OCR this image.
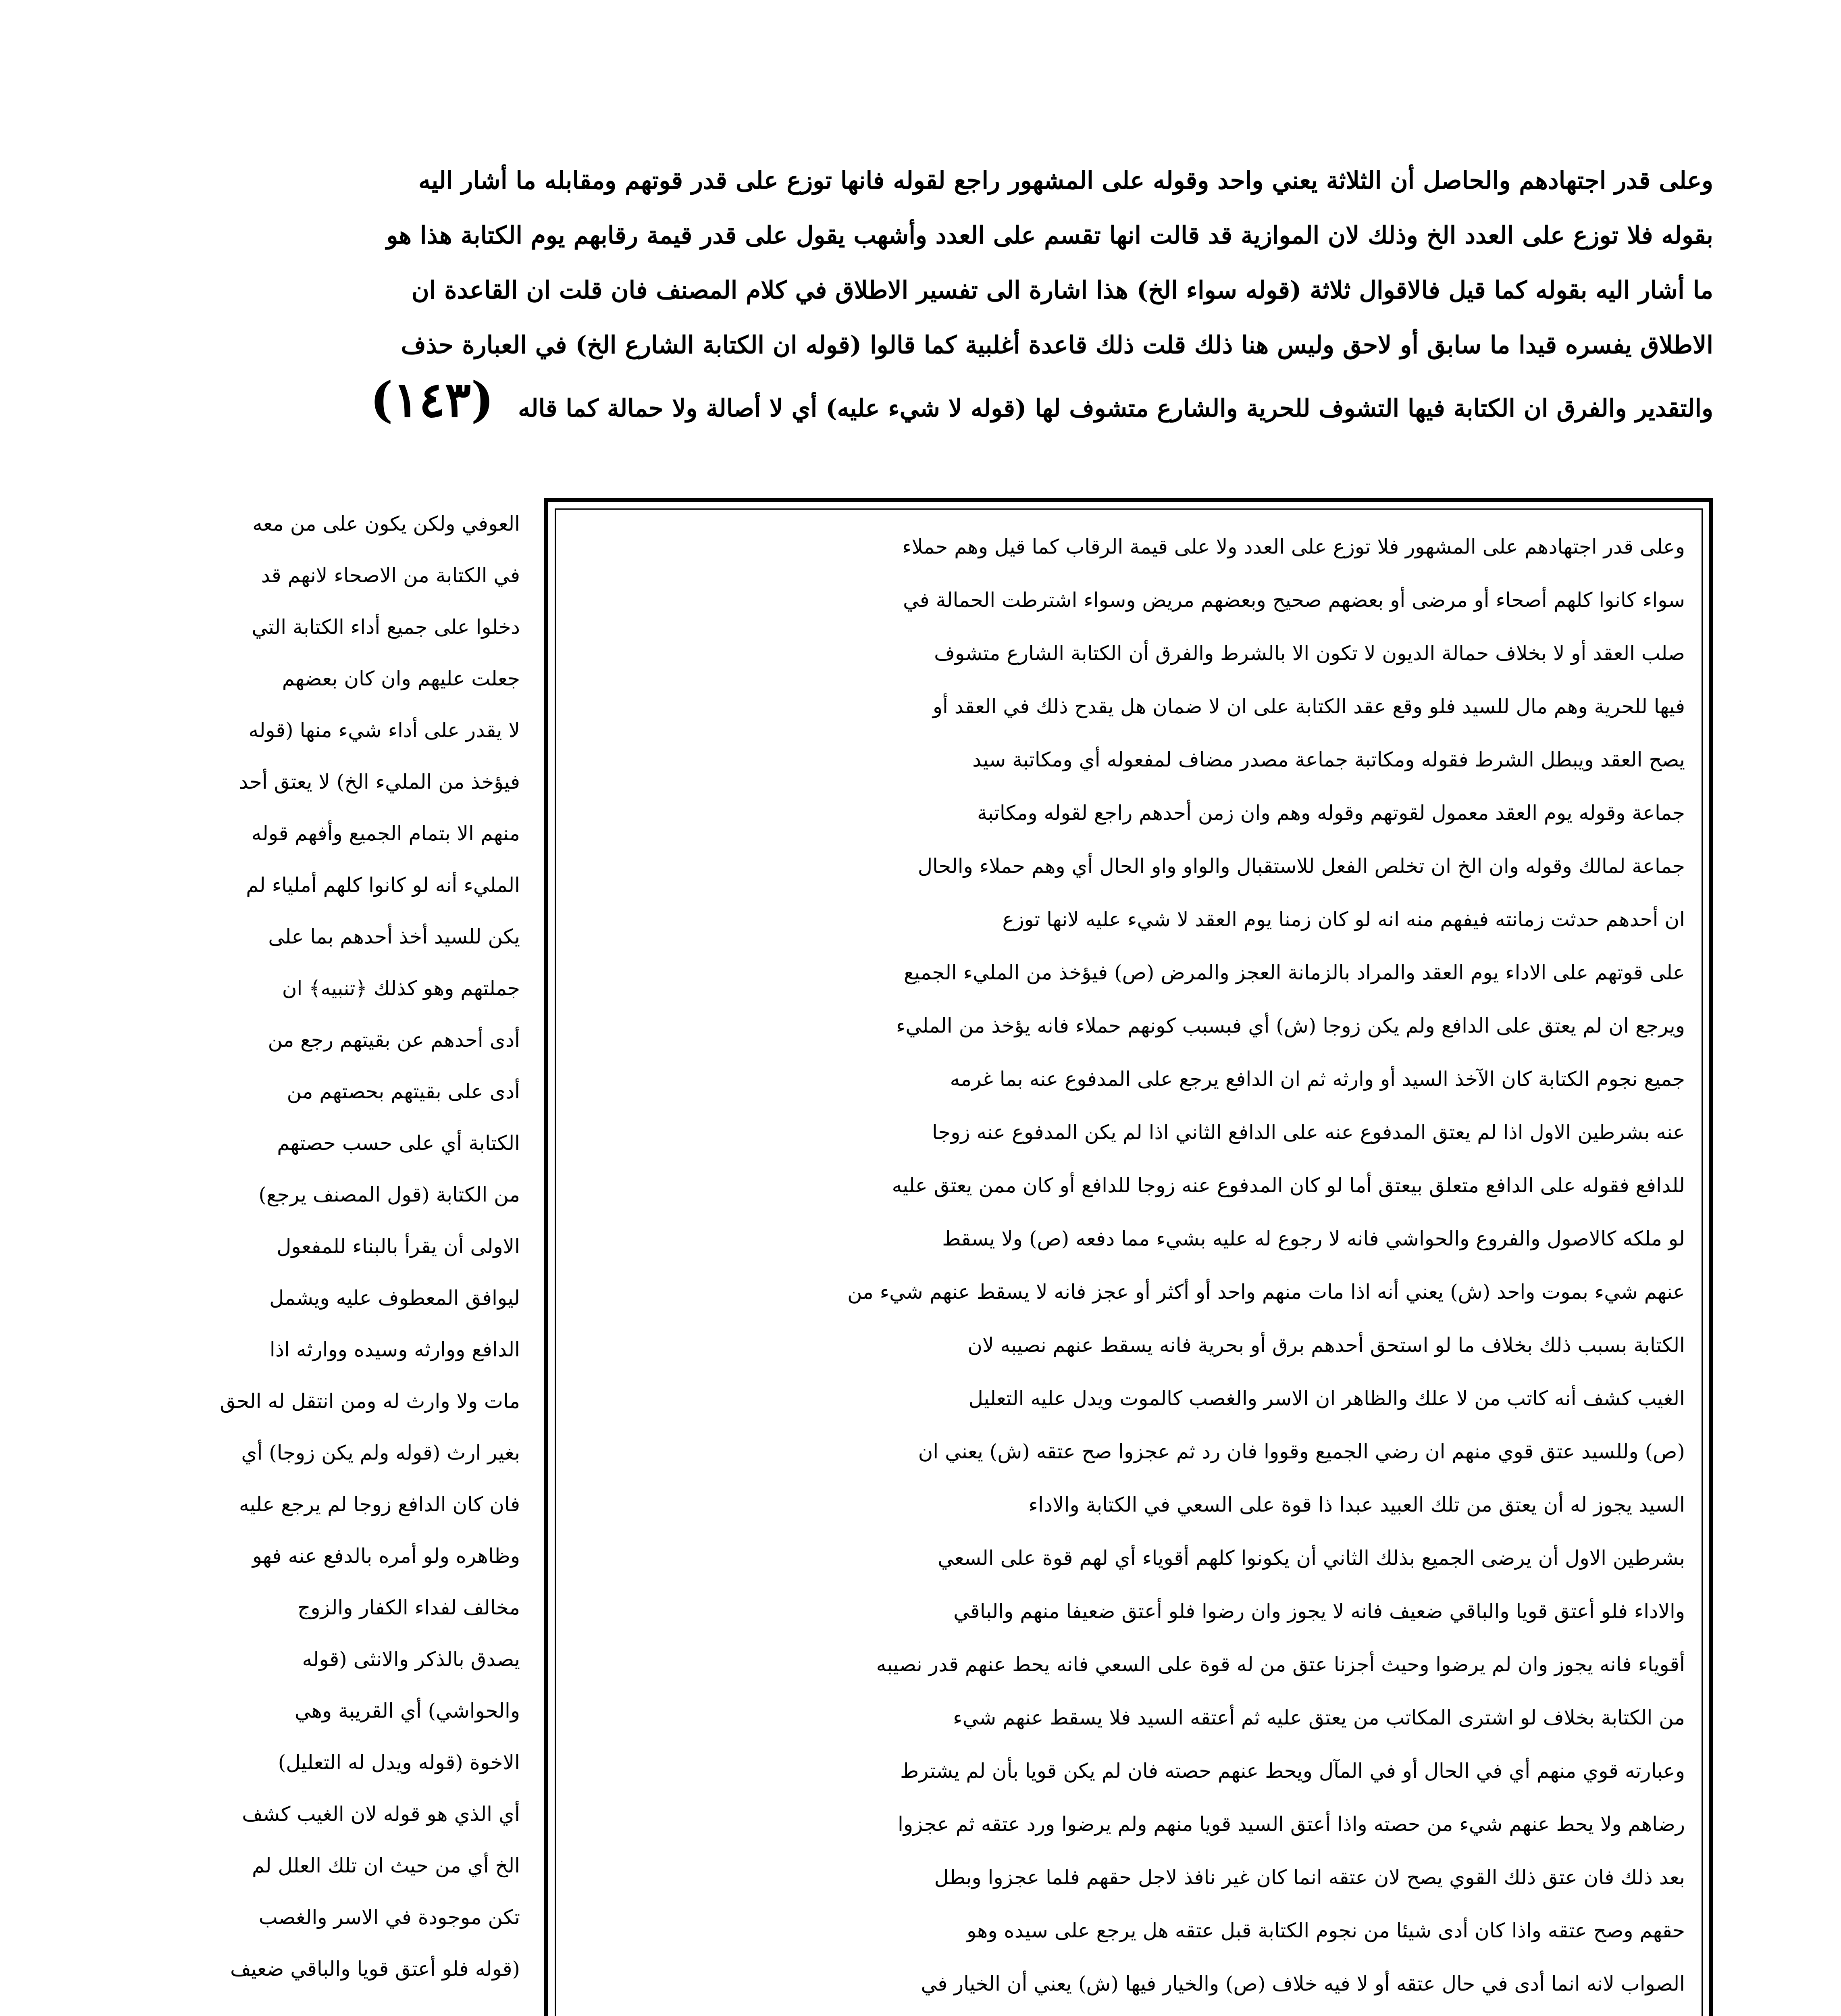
وعلى قدر اجتهادهم والحاصل أن الثلاثة يعني واحد وقوله على المشهور راجع لقوله فانها توزع على قدر قوتهم ومقابله ما أشار اليه
بقوله فلا توزع على العدد الخ وذلك لان الموازية قد قالت انها تقسم على العدد وأشهب يقول على قدر قيمة رقابهم يوم الكتابة هذا هو
ما أشار اليه بقوله كما قيل فالاقوال ثلاثة (قوله سواء الخ) هذا اشارة الى تفسير الاطلاق في كلام المصنف فان قلت ان القاعدة ان
الاطلاق يفسره قيدا ما سابق أو لاحق وليس هنا ذلك قلت ذلك قاعدة أغلبية كما قالوا (قوله ان الكتابة الشارع الخ) في العبارة حذف
والتقدير والفرق ان الكتابة فيها التشوف للحرية والشارع متشوف لها (قوله لا شيء عليه) أي لا أصالة ولا حمالة كما قاله(١٤٣)
وعلى قدر اجتهادهم على المشهور فلا توزع على العدد ولا على قيمة الرقاب كما قيل وهم حملاء
سواء كانوا كلهم أصحاء أو مرضى أو بعضهم صحيح وبعضهم مريض وسواء اشترطت الحمالة في
صلب العقد أو لا بخلاف حمالة الديون لا تكون الا بالشرط والفرق أن الكتابة الشارع متشوف
فيها للحرية وهم مال للسيد فلو وقع عقد الكتابة على ان لا ضمان هل يقدح ذلك في العقد أو
يصح العقد ويبطل الشرط فقوله ومكاتبة جماعة مصدر مضاف لمفعوله أي ومكاتبة سيد
جماعة وقوله يوم العقد معمول لقوتهم وقوله وهم وان زمن أحدهم راجع لقوله ومكاتبة
جماعة لمالك وقوله وان الخ ان تخلص الفعل للاستقبال والواو واو الحال أي وهم حملاء والحال
ان أحدهم حدثت زمانته فيفهم منه انه لو كان زمنا يوم العقد لا شيء عليه لانها توزع
على قوتهم على الاداء يوم العقد والمراد بالزمانة العجز والمرض (ص) فيؤخذ من المليء الجميع
ويرجع ان لم يعتق على الدافع ولم يكن زوجا (ش) أي فبسبب كونهم حملاء فانه يؤخذ من المليء
جميع نجوم الكتابة كان الآخذ السيد أو وارثه ثم ان الدافع يرجع على المدفوع عنه بما غرمه
عنه بشرطين الاول اذا لم يعتق المدفوع عنه على الدافع الثاني اذا لم يكن المدفوع عنه زوجا
للدافع فقوله على الدافع متعلق بيعتق أما لو كان المدفوع عنه زوجا للدافع أو كان ممن يعتق عليه
لو ملكه كالاصول والفروع والحواشي فانه لا رجوع له عليه بشيء مما دفعه (ص) ولا يسقط
عنهم شيء بموت واحد (ش) يعني أنه اذا مات منهم واحد أو أكثر أو عجز فانه لا يسقط عنهم شيء من
الكتابة بسبب ذلك بخلاف ما لو استحق أحدهم برق أو بحرية فانه يسقط عنهم نصيبه لان
الغيب كشف أنه كاتب من لا علك والظاهر ان الاسر والغصب كالموت ويدل عليه التعليل
(ص) وللسيد عتق قوي منهم ان رضي الجميع وقووا فان رد ثم عجزوا صح عتقه (ش) يعني ان
السيد يجوز له أن يعتق من تلك العبيد عبدا ذا قوة على السعي في الكتابة والاداء
بشرطين الاول أن يرضى الجميع بذلك الثاني أن يكونوا كلهم أقوياء أي لهم قوة على السعي
والاداء فلو أعتق قويا والباقي ضعيف فانه لا يجوز وان رضوا فلو أعتق ضعيفا منهم والباقي
أقوياء فانه يجوز وان لم يرضوا وحيث أجزنا عتق من له قوة على السعي فانه يحط عنهم قدر نصيبه
من الكتابة بخلاف لو اشترى المكاتب من يعتق عليه ثم أعتقه السيد فلا يسقط عنهم شيء
وعبارته قوي منهم أي في الحال أو في المآل ويحط عنهم حصته فان لم يكن قويا بأن لم يشترط
رضاهم ولا يحط عنهم شيء من حصته واذا أعتق السيد قويا منهم ولم يرضوا ورد عتقه ثم عجزوا
بعد ذلك فان عتق ذلك القوي يصح لان عتقه انما كان غير نافذ لاجل حقهم فلما عجزوا وبطل
حقهم وصح عتقه واذا كان أدى شيئا من نجوم الكتابة قبل عتقه هل يرجع على سيده وهو
الصواب لانه انما أدى في حال عتقه أو لا فيه خلاف (ص) والخيار فيها (ش) يعني أن الخيار في
العوفي ولكن يكون على من معه
في الكتابة من الاصحاء لانهم قد
دخلوا على جميع أداء الكتابة التي
جعلت عليهم وان كان بعضهم
لا يقدر على أداء شيء منها (قوله
فيؤخذ من المليء الخ) لا يعتق أحد
منهم الا بتمام الجميع وأفهم قوله
المليء أنه لو كانوا كلهم أملياء لم
يكن للسيد أخذ أحدهم بما على
جملتهم وهو كذلك ﴿تنبيه﴾ ان
أدى أحدهم عن بقيتهم رجع من
أدى على بقيتهم بحصتهم من
الكتابة أي على حسب حصتهم
من الكتابة (قول المصنف يرجع)
الاولى أن يقرأ بالبناء للمفعول
ليوافق المعطوف عليه ويشمل
الدافع ووارثه وسيده ووارثه اذا
مات ولا وارث له ومن انتقل له الحق
بغير ارث (قوله ولم يكن زوجا) أي
فان كان الدافع زوجا لم يرجع عليه
وظاهره ولو أمره بالدفع عنه فهو
مخالف لفداء الكفار والزوج
يصدق بالذكر والانثى (قوله
والحواشي) أي القريبة وهي
الاخوة (قوله ويدل له التعليل)
أي الذي هو قوله لان الغيب كشف
الخ أي من حيث ان تلك العلل لم
تكن موجودة في الاسر والغصب
(قوله فلو أعتق قويا والباقي ضعيف
